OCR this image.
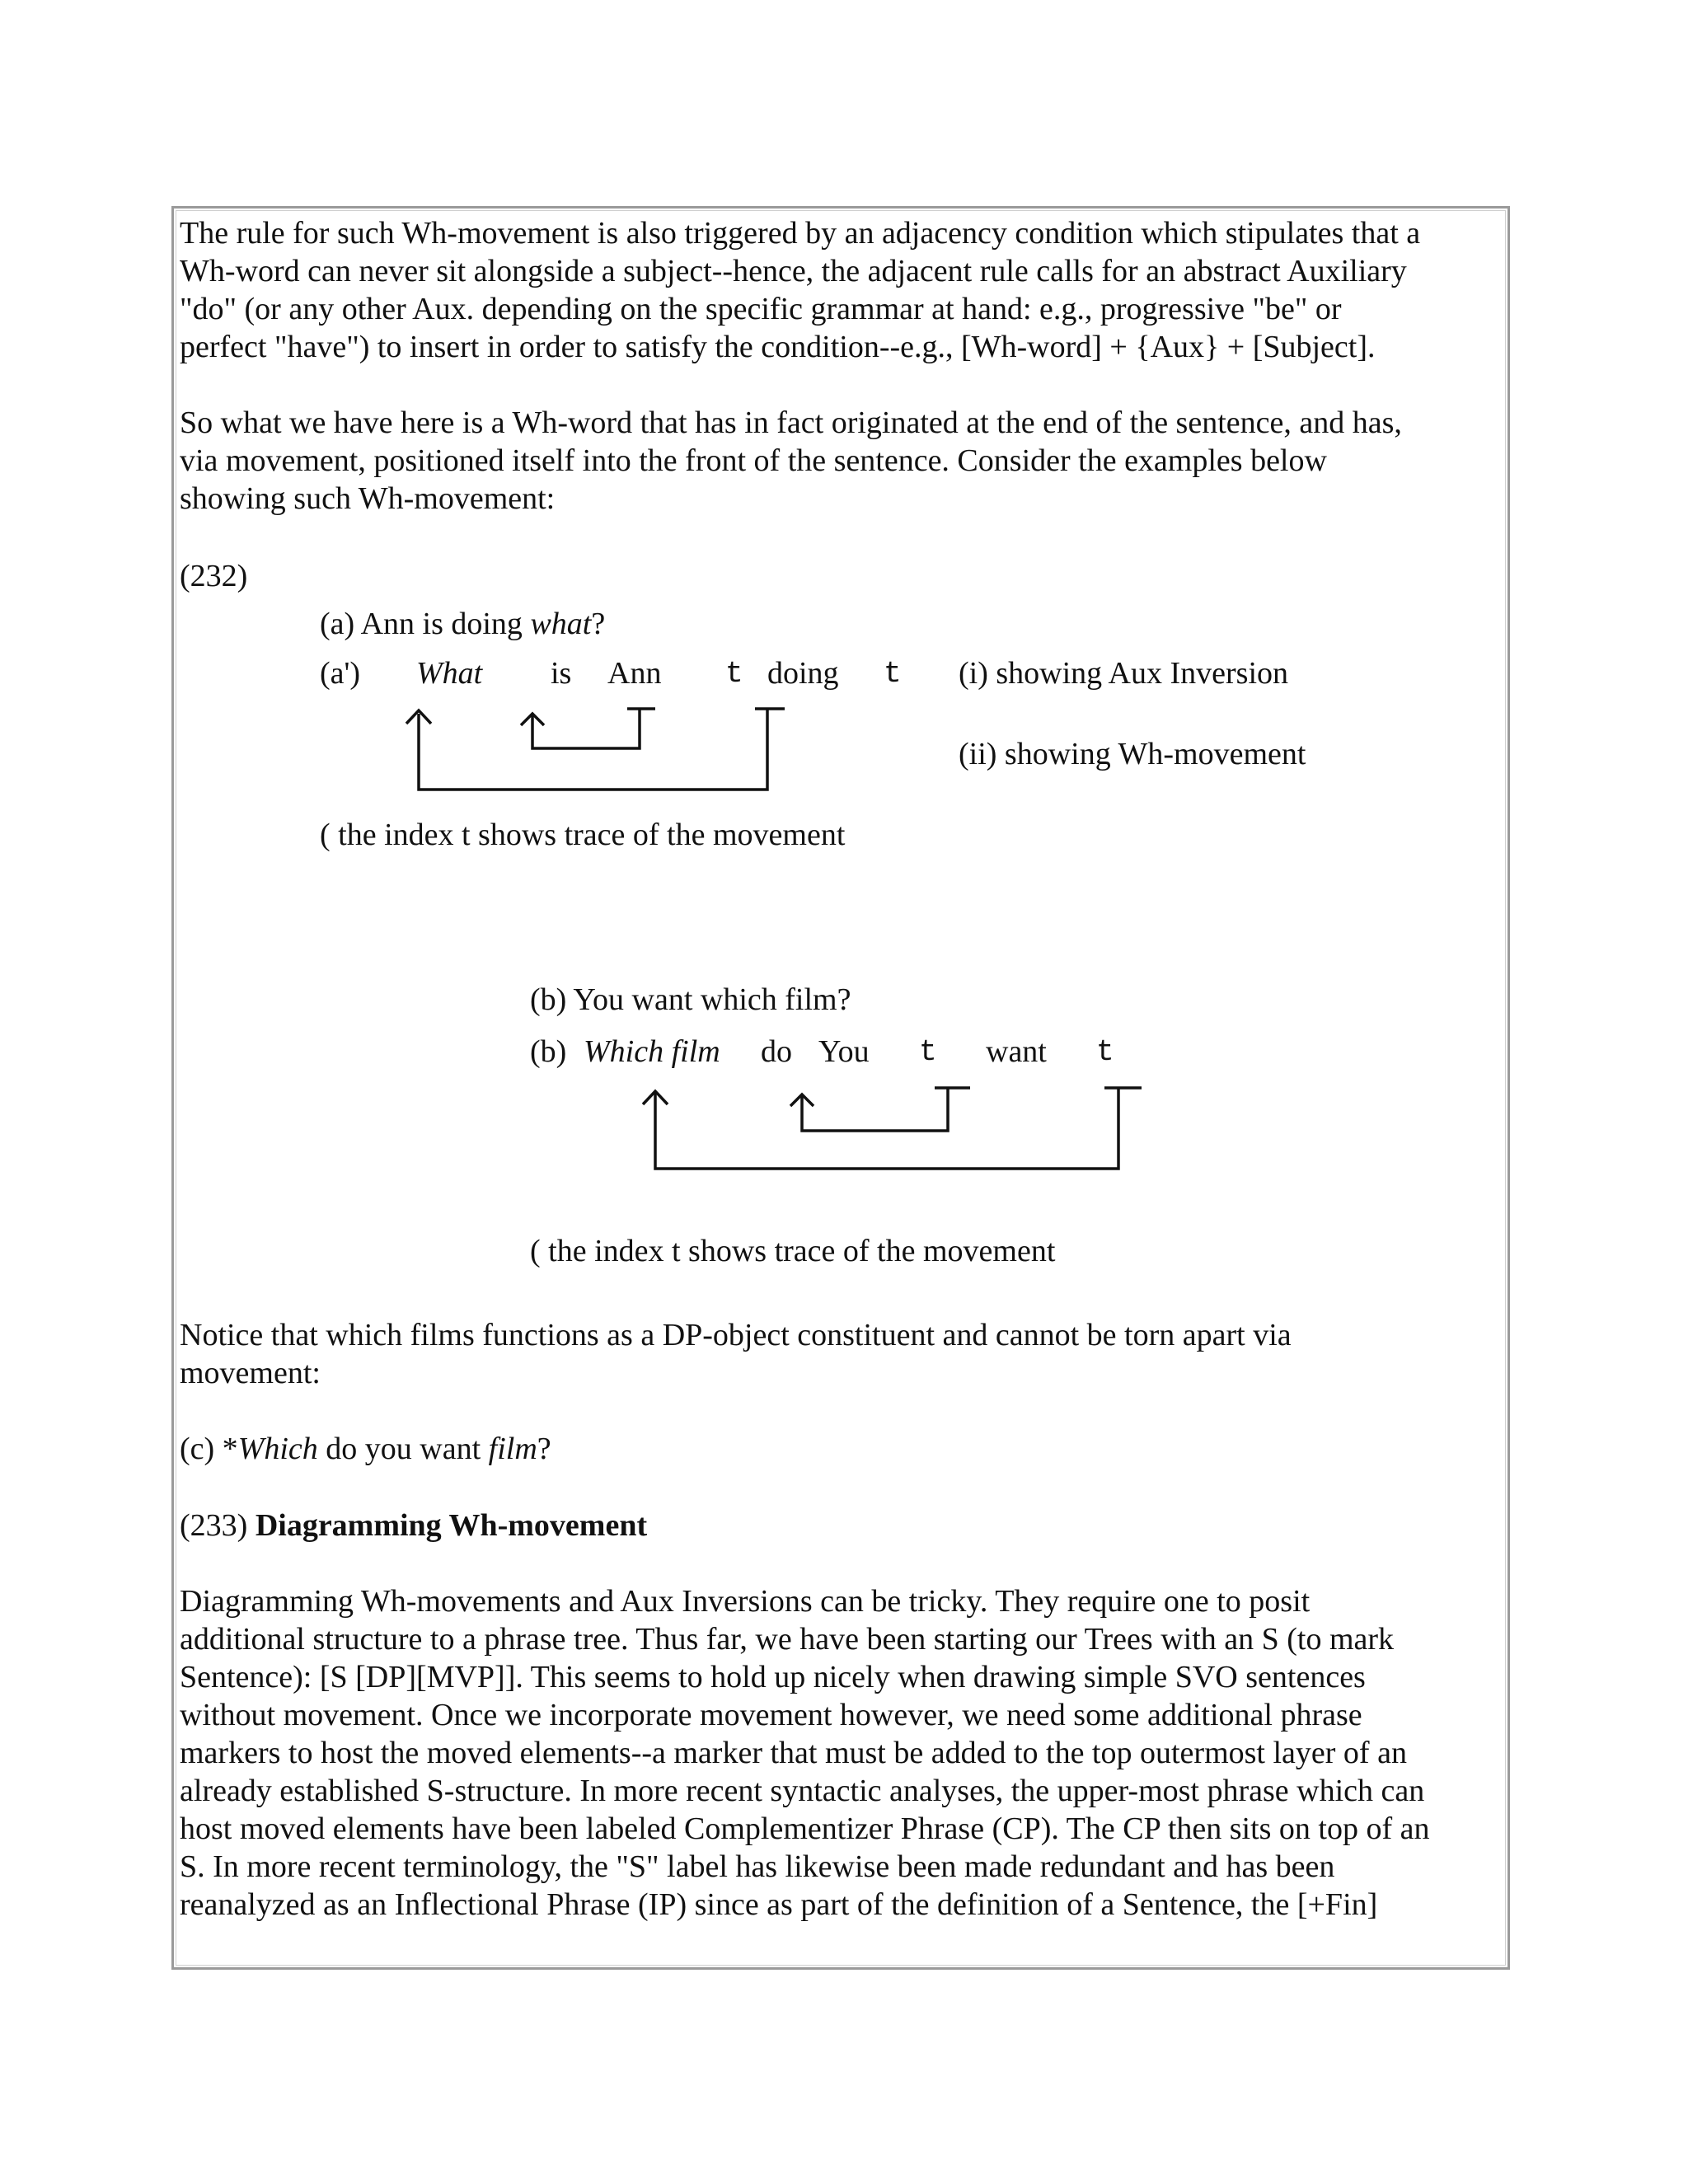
The rule for such Wh-movement is also triggered by an adjacency condition which stipulates that a
Wh-word can never sit alongside a subject--hence, the adjacent rule calls for an abstract Auxiliary
"do" (or any other Aux. depending on the specific grammar at hand: e.g., progressive "be" or
perfect "have") to insert in order to satisfy the condition--e.g., [Wh-word] + {Aux} + [Subject].
So what we have here is a Wh-word that has in fact originated at the end of the sentence, and has,
via movement, positioned itself into the front of the sentence. Consider the examples below
showing such Wh-movement:
(232)
(a) Ann is doing what?
(a') What is Ann t doing t (i) showing Aux Inversion
(ii) showing Wh-movement
( the index t shows trace of the movement
(b) You want which film?
(b) Which film do You t want t
( the index t shows trace of the movement
Notice that which films functions as a DP-object constituent and cannot be torn apart via
movement:
(c) *Which do you want film?
(233) Diagramming Wh-movement
Diagramming Wh-movements and Aux Inversions can be tricky. They require one to posit
additional structure to a phrase tree. Thus far, we have been starting our Trees with an S (to mark
Sentence): [S [DP][MVP]]. This seems to hold up nicely when drawing simple SVO sentences
without movement. Once we incorporate movement however, we need some additional phrase
markers to host the moved elements--a marker that must be added to the top outermost layer of an
already established S-structure. In more recent syntactic analyses, the upper-most phrase which can
host moved elements have been labeled Complementizer Phrase (CP). The CP then sits on top of an
S. In more recent terminology, the "S" label has likewise been made redundant and has been
reanalyzed as an Inflectional Phrase (IP) since as part of the definition of a Sentence, the [+Fin]
